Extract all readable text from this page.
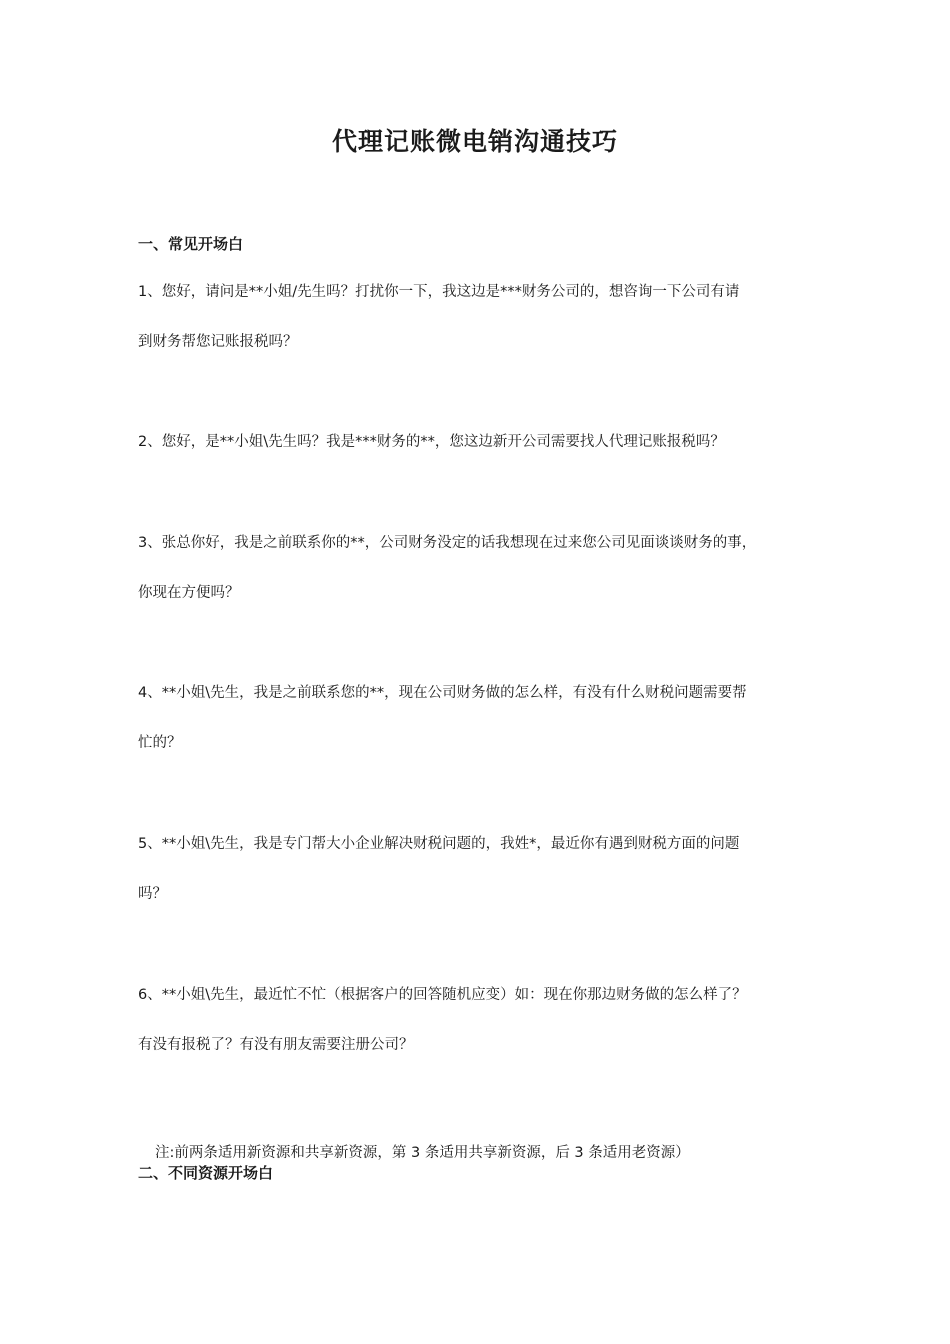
代理记账微电销沟通技巧
一、常见开场白
1、您好，请问是**小姐/先生吗？打扰你一下，我这边是***财务公司的，想咨询一下公司有请
到财务帮您记账报税吗？
2、您好，是**小姐\先生吗？我是***财务的**，您这边新开公司需要找人代理记账报税吗？
3、张总你好，我是之前联系你的**，公司财务没定的话我想现在过来您公司见面谈谈财务的事，
你现在方便吗？
4、**小姐\先生，我是之前联系您的**，现在公司财务做的怎么样，有没有什么财税问题需要帮
忙的？
5、**小姐\先生，我是专门帮大小企业解决财税问题的，我姓*，最近你有遇到财税方面的问题
吗？
6、**小姐\先生，最近忙不忙（根据客户的回答随机应变）如：现在你那边财务做的怎么样了？
有没有报税了？有没有朋友需要注册公司？

注:前两条适用新资源和共享新资源，第 3 条适用共享新资源，后 3 条适用老资源）

二、不同资源开场白
